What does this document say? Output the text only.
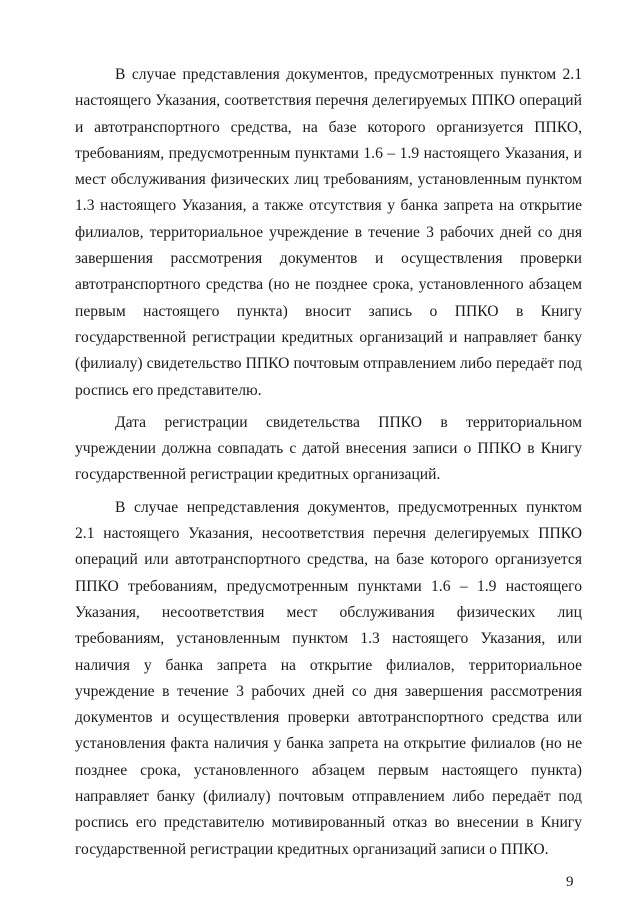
В случае представления документов, предусмотренных пунктом 2.1 настоящего Указания, соответствия перечня делегируемых ППКО операций и автотранспортного средства, на базе которого организуется ППКО, требованиям, предусмотренным пунктами 1.6 – 1.9 настоящего Указания, и мест обслуживания физических лиц требованиям, установленным пунктом 1.3 настоящего Указания, а также отсутствия у банка запрета на открытие филиалов, территориальное учреждение в течение 3 рабочих дней со дня завершения рассмотрения документов и осуществления проверки автотранспортного средства (но не позднее срока, установленного абзацем первым настоящего пункта) вносит запись о ППКО в Книгу государственной регистрации кредитных организаций и направляет банку (филиалу) свидетельство ППКО почтовым отправлением либо передаёт под роспись его представителю.

Дата регистрации свидетельства ППКО в территориальном учреждении должна совпадать с датой внесения записи о ППКО в Книгу государственной регистрации кредитных организаций.

В случае непредставления документов, предусмотренных пунктом 2.1 настоящего Указания, несоответствия перечня делегируемых ППКО операций или автотранспортного средства, на базе которого организуется ППКО требованиям, предусмотренным пунктами 1.6 – 1.9 настоящего Указания, несоответствия мест обслуживания физических лиц требованиям, установленным пунктом 1.3 настоящего Указания, или наличия у банка запрета на открытие филиалов, территориальное учреждение в течение 3 рабочих дней со дня завершения рассмотрения документов и осуществления проверки автотранспортного средства или установления факта наличия у банка запрета на открытие филиалов (но не позднее срока, установленного абзацем первым настоящего пункта) направляет банку (филиалу) почтовым отправлением либо передаёт под роспись его представителю мотивированный отказ во внесении в Книгу государственной регистрации кредитных организаций записи о ППКО.

9
